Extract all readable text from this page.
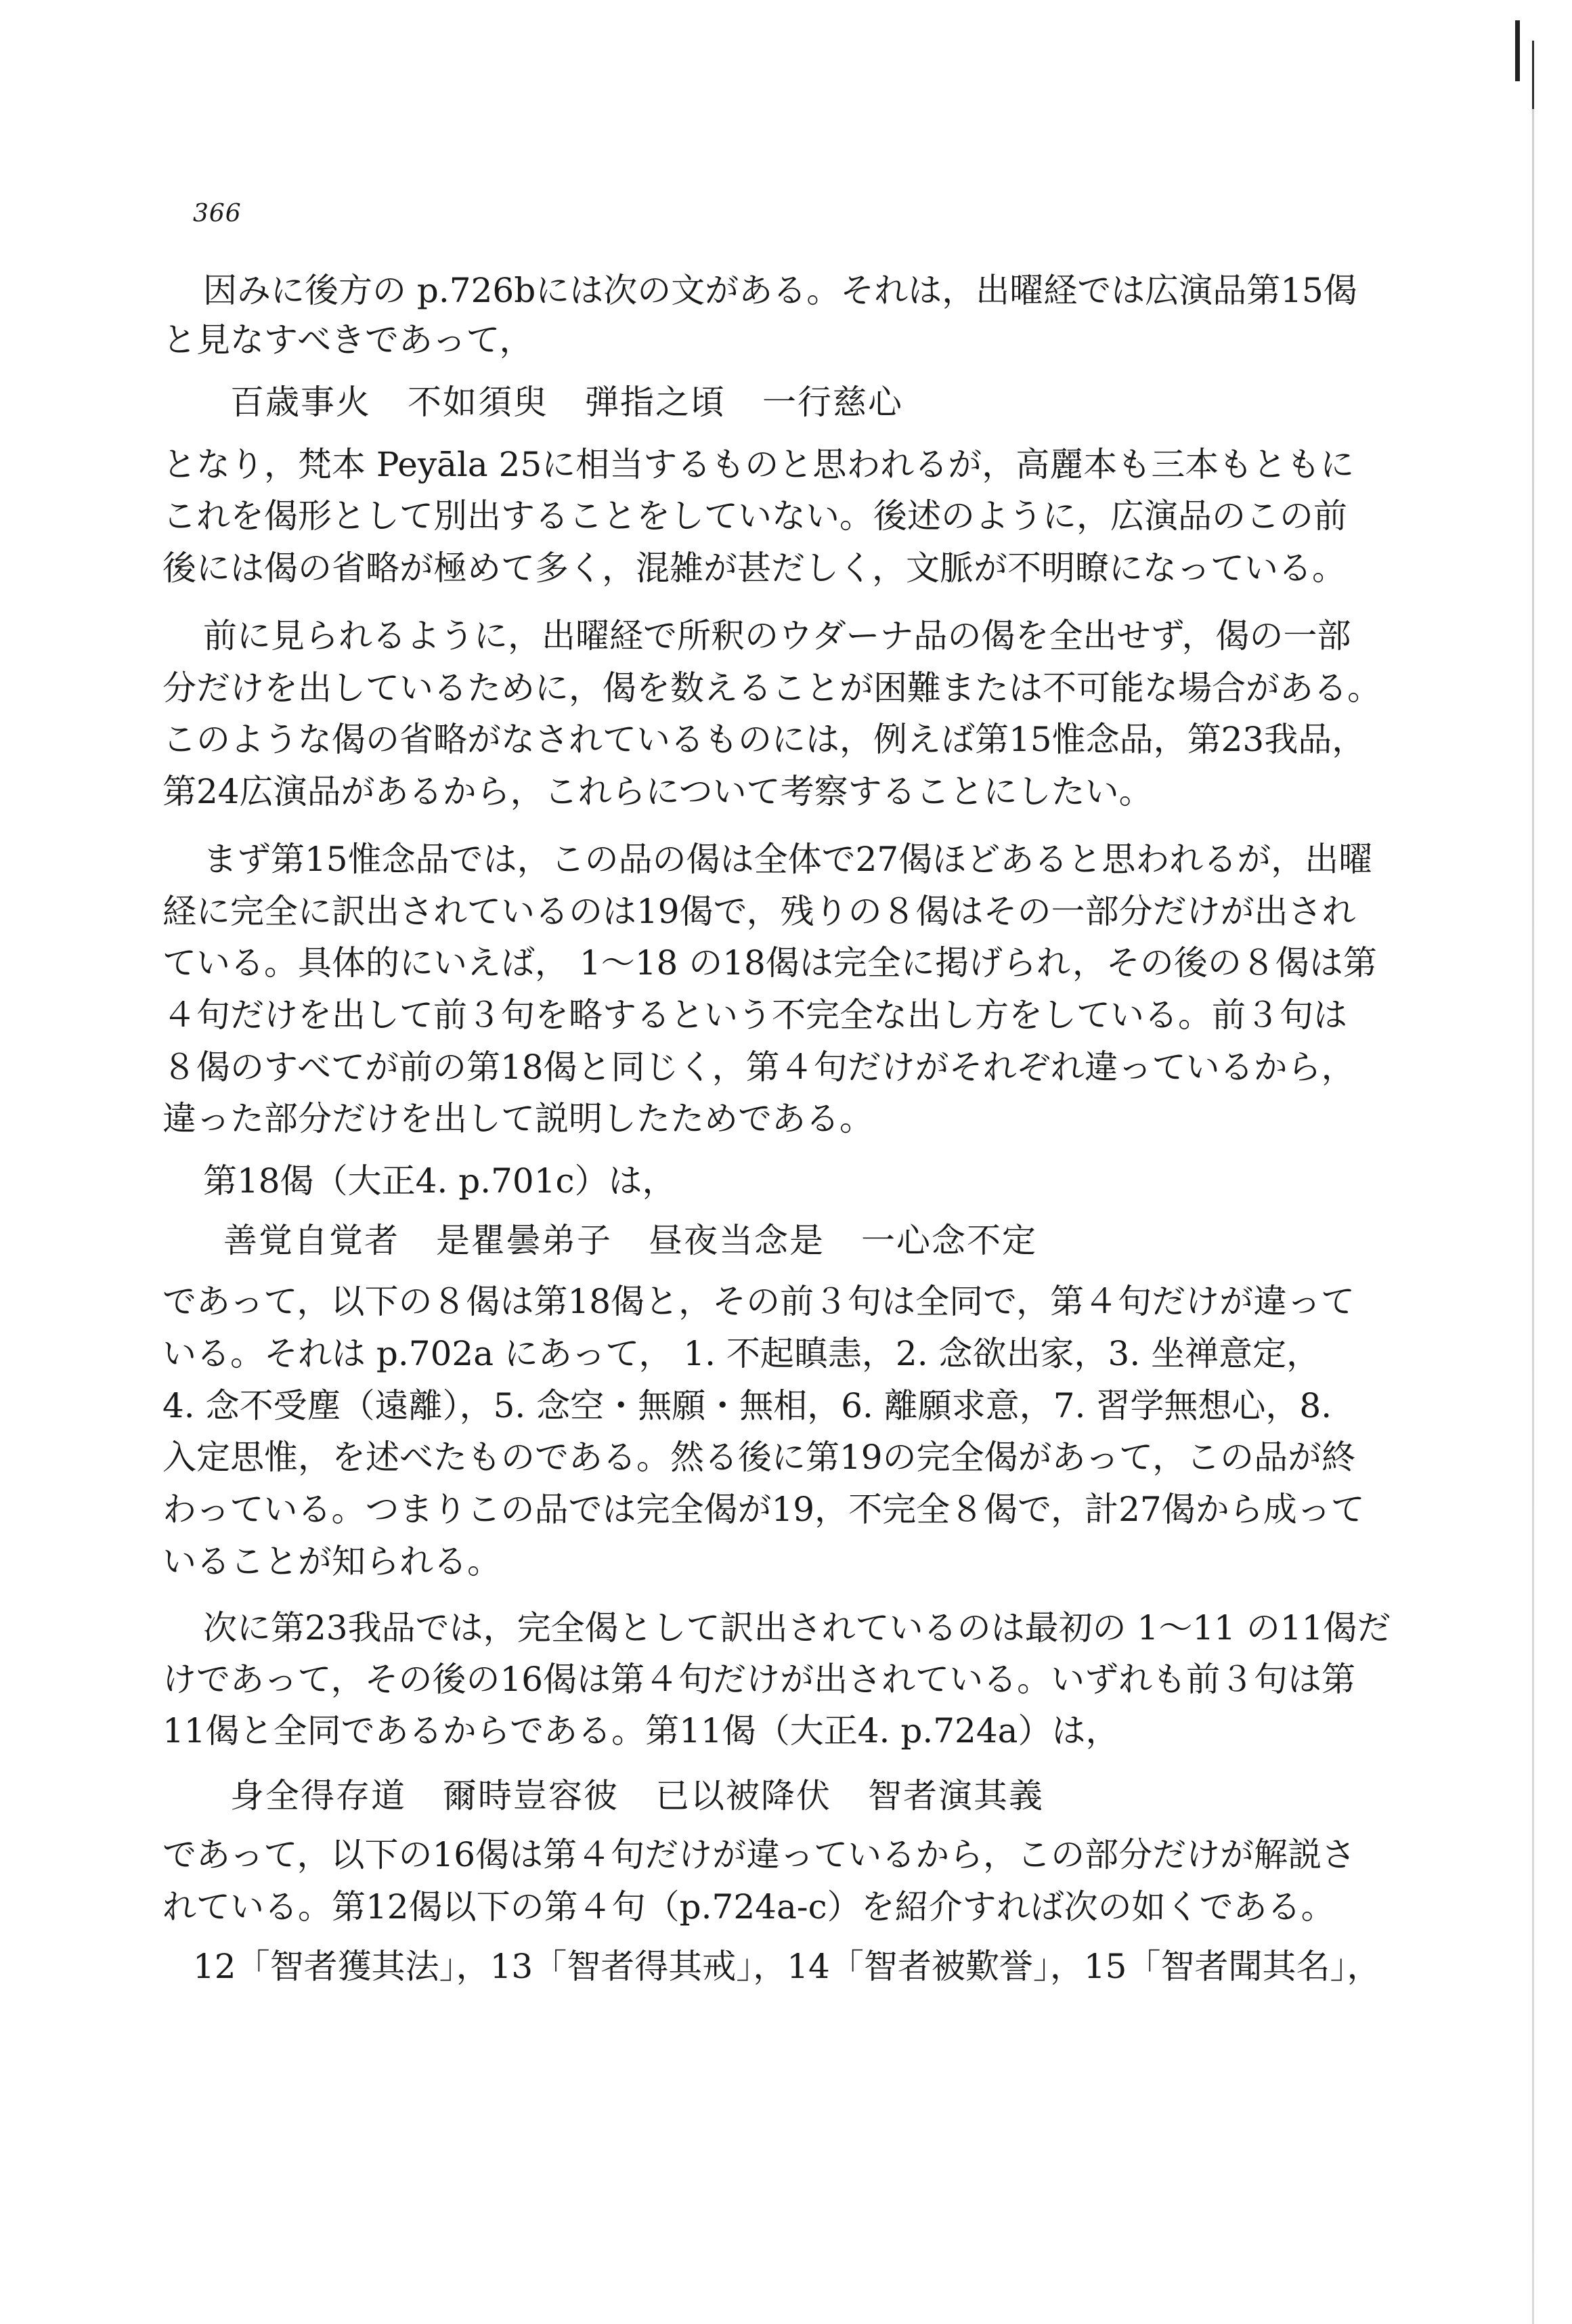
366
因みに後方の p.726bには次の文がある。それは，出曜経では広演品第15偈
と見なすべきであって，
百歳事火 不如須臾 弾指之頃 一行慈心
となり，梵本 Peyāla 25に相当するものと思われるが，高麗本も三本もともに
これを偈形として別出することをしていない。後述のように，広演品のこの前
後には偈の省略が極めて多く，混雑が甚だしく，文脈が不明瞭になっている。
前に見られるように，出曜経で所釈のウダーナ品の偈を全出せず，偈の一部
分だけを出しているために，偈を数えることが困難または不可能な場合がある。
このような偈の省略がなされているものには，例えば第15惟念品，第23我品，
第24広演品があるから，これらについて考察することにしたい。
まず第15惟念品では，この品の偈は全体で27偈ほどあると思われるが，出曜
経に完全に訳出されているのは19偈で，残りの８偈はその一部分だけが出され
ている。具体的にいえば， 1～18 の18偈は完全に掲げられ，その後の８偈は第
４句だけを出して前３句を略するという不完全な出し方をしている。前３句は
８偈のすべてが前の第18偈と同じく，第４句だけがそれぞれ違っているから，
違った部分だけを出して説明したためである。
第18偈（大正4. p.701c）は，
善覚自覚者 是瞿曇弟子 昼夜当念是 一心念不定
であって，以下の８偈は第18偈と，その前３句は全同で，第４句だけが違って
いる。それは p.702a にあって， 1. 不起瞋恚，2. 念欲出家，3. 坐禅意定，
4. 念不受塵（遠離），5. 念空・無願・無相，6. 離願求意，7. 習学無想心，8.
入定思惟，を述べたものである。然る後に第19の完全偈があって，この品が終
わっている。つまりこの品では完全偈が19，不完全８偈で，計27偈から成って
いることが知られる。
次に第23我品では，完全偈として訳出されているのは最初の 1～11 の11偈だ
けであって，その後の16偈は第４句だけが出されている。いずれも前３句は第
11偈と全同であるからである。第11偈（大正4. p.724a）は，
身全得存道 爾時豈容彼 已以被降伏 智者演其義
であって，以下の16偈は第４句だけが違っているから，この部分だけが解説さ
れている。第12偈以下の第４句（p.724a-c）を紹介すれば次の如くである。
12「智者獲其法」，13「智者得其戒」，14「智者被歎誉」，15「智者聞其名」，
